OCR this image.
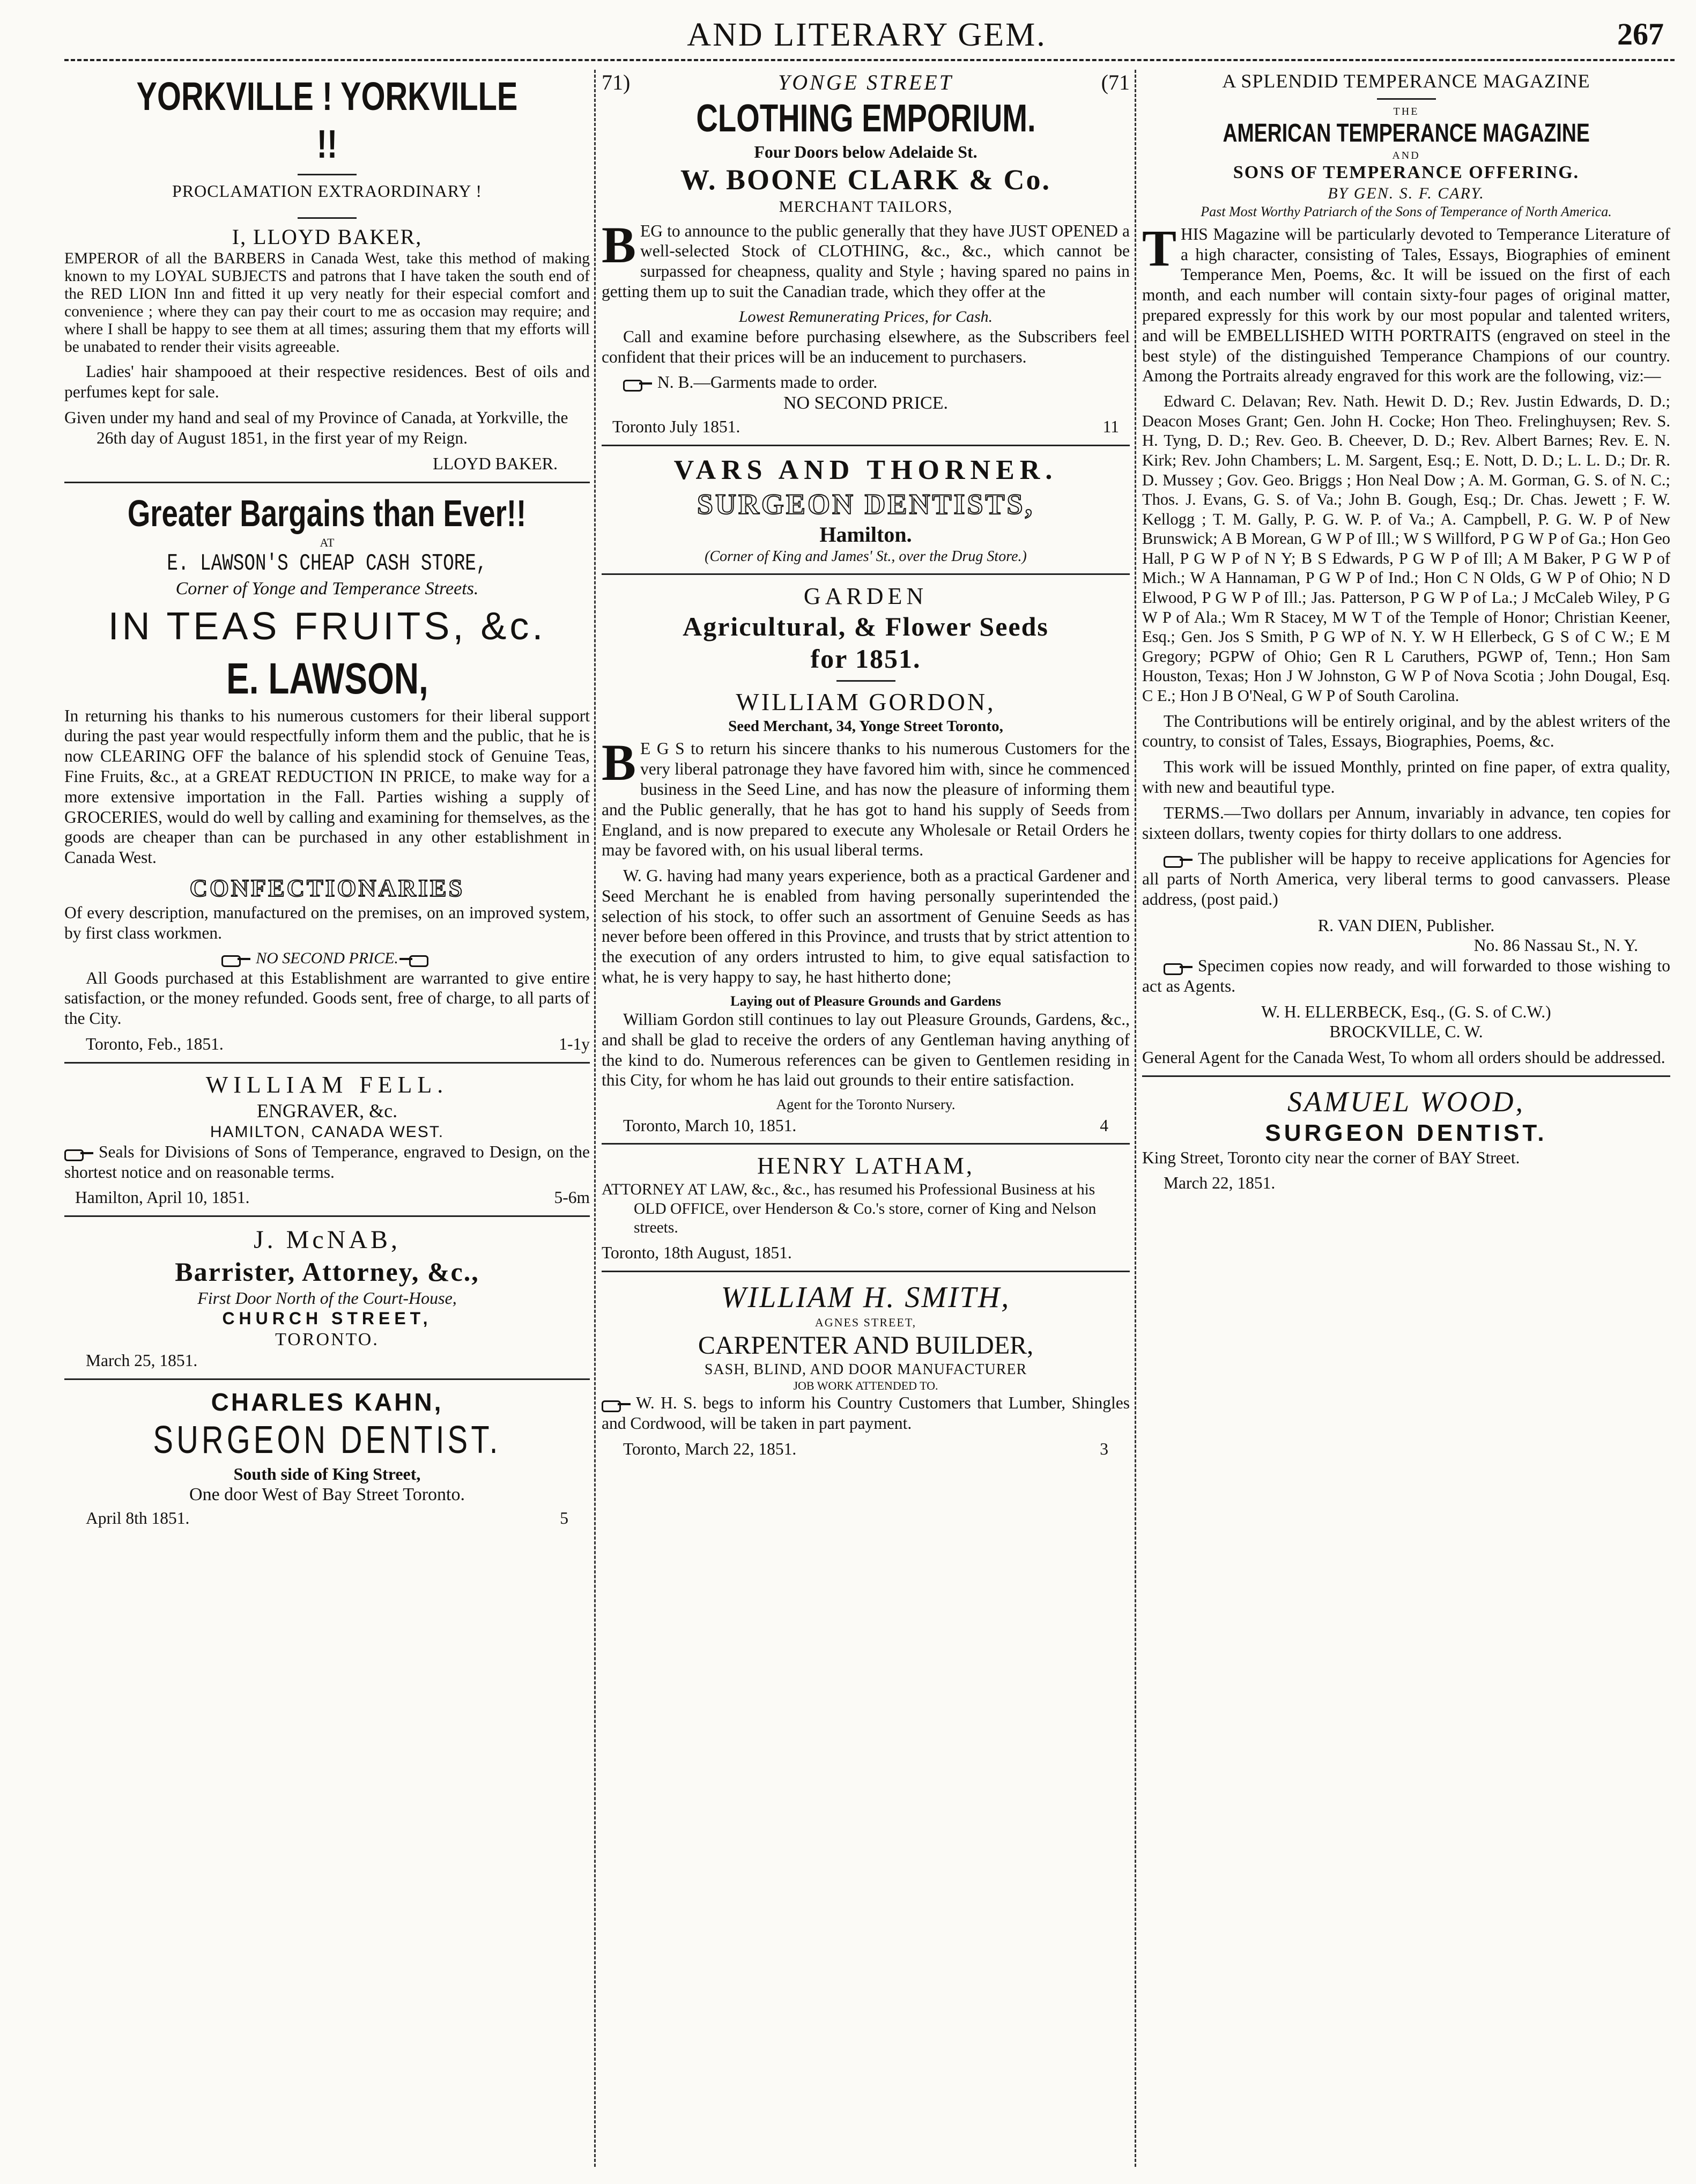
AND LITERARY GEM.	267
YORKVILLE ! YORKVILLE !!
PROCLAMATION EXTRAORDINARY !
I, LLOYD BAKER,

EMPEROR of all the BARBERS in Canada West, take this method of making known to my LOYAL SUBJECTS and patrons that I have taken the south end of the RED LION Inn and fitted it up very neatly for their especial comfort and convenience ; where they can pay their court to me as occasion may require; and where I shall be happy to see them at all times; assuring them that my efforts will be unabated to render their visits agreeable.

Ladies' hair shampooed at their respective residences. Best of oils and perfumes kept for sale.

Given under my hand and seal of my Province of Canada, at Yorkville, the 26th day of August 1851, in the first year of my Reign.

LLOYD BAKER.
Greater Bargains than Ever!!
AT
E. LAWSON'S CHEAP CASH STORE,
Corner of Yonge and Temperance Streets.
IN TEAS FRUITS, &c.
E. LAWSON,

In returning his thanks to his numerous customers for their liberal support during the past year would respectfully inform them and the public, that he is now CLEARING OFF the balance of his splendid stock of Genuine Teas, Fine Fruits, &c., at a GREAT REDUCTION IN PRICE, to make way for a more extensive importation in the Fall. Parties wishing a supply of GROCERIES, would do well by calling and examining for themselves, as the goods are cheaper than can be purchased in any other establishment in Canada West.

CONFECTIONARIES

Of every description, manufactured on the premises, on an improved system, by first class workmen.

NO SECOND PRICE.

All Goods purchased at this Establishment are warranted to give entire satisfaction, or the money refunded. Goods sent, free of charge, to all parts of the City.

Toronto, Feb., 1851.	1-1y
WILLIAM FELL.
ENGRAVER, &c.
HAMILTON, CANADA WEST.

Seals for Divisions of Sons of Temperance, engraved to Design, on the shortest notice and on reasonable terms.

Hamilton, April 10, 1851.	5-6m
J. McNAB,
Barrister, Attorney, &c.,
First Door North of the Court-House,
CHURCH STREET,
TORONTO.
March 25, 1851.
CHARLES KAHN,
SURGEON DENTIST.
South side of King Street,
One door West of Bay Street Toronto.
April 8th 1851.	5
71)	YONGE STREET	(71
CLOTHING EMPORIUM.
Four Doors below Adelaide St.
W. BOONE CLARK & Co.
MERCHANT TAILORS,

BEG to announce to the public generally that they have JUST OPENED a well-selected Stock of CLOTHING, &c., &c., which cannot be surpassed for cheapness, quality and Style ; having spared no pains in getting them up to suit the Canadian trade, which they offer at the

Lowest Remunerating Prices, for Cash.

Call and examine before purchasing elsewhere, as the Subscribers feel confident that their prices will be an inducement to purchasers.

N. B.—Garments made to order.
NO SECOND PRICE.
Toronto July 1851.	11
VARS AND THORNER.
SURGEON DENTISTS,
Hamilton.
(Corner of King and James' St., over the Drug Store.)
GARDEN
Agricultural, & Flower Seeds
for 1851.
WILLIAM GORDON,
Seed Merchant, 34, Yonge Street Toronto,

B E G S to return his sincere thanks to his numerous Customers for the very liberal patronage they have favored him with, since he commenced business in the Seed Line, and has now the pleasure of informing them and the Public generally, that he has got to hand his supply of Seeds from England, and is now prepared to execute any Wholesale or Retail Orders he may be favored with, on his usual liberal terms.

W. G. having had many years experience, both as a practical Gardener and Seed Merchant he is enabled from having personally superintended the selection of his stock, to offer such an assortment of Genuine Seeds as has never before been offered in this Province, and trusts that by strict attention to the execution of any orders intrusted to him, to give equal satisfaction to what, he is very happy to say, he hast hitherto done;

Laying out of Pleasure Grounds and Gardens

William Gordon still continues to lay out Pleasure Grounds, Gardens, &c., and shall be glad to receive the orders of any Gentleman having anything of the kind to do. Numerous references can be given to Gentlemen residing in this City, for whom he has laid out grounds to their entire satisfaction.

Agent for the Toronto Nursery.
Toronto, March 10, 1851.	4
HENRY LATHAM,

ATTORNEY AT LAW, &c., &c., has resumed his Professional Business at his OLD OFFICE, over Henderson & Co.'s store, corner of King and Nelson streets.

Toronto, 18th August, 1851.
WILLIAM H. SMITH,
AGNES STREET,
CARPENTER AND BUILDER,
SASH, BLIND, AND DOOR MANUFACTURER
JOB WORK ATTENDED TO.

W. H. S. begs to inform his Country Customers that Lumber, Shingles and Cordwood, will be taken in part payment.

Toronto, March 22, 1851.	3
A SPLENDID TEMPERANCE MAGAZINE
THE
AMERICAN TEMPERANCE MAGAZINE
AND
SONS OF TEMPERANCE OFFERING.
BY GEN. S. F. CARY.
Past Most Worthy Patriarch of the Sons of Temperance of North America.

THIS Magazine will be particularly devoted to Temperance Literature of a high character, consisting of Tales, Essays, Biographies of eminent Temperance Men, Poems, &c. It will be issued on the first of each month, and each number will contain sixty-four pages of original matter, prepared expressly for this work by our most popular and talented writers, and will be EMBELLISHED WITH PORTRAITS (engraved on steel in the best style) of the distinguished Temperance Champions of our country. Among the Portraits already engraved for this work are the following, viz:—

Edward C. Delavan; Rev. Nath. Hewit D. D.; Rev. Justin Edwards, D. D.; Deacon Moses Grant; Gen. John H. Cocke; Hon Theo. Frelinghuysen; Rev. S. H. Tyng, D. D.; Rev. Geo. B. Cheever, D. D.; Rev. Albert Barnes; Rev. E. N. Kirk; Rev. John Chambers; L. M. Sargent, Esq.; E. Nott, D. D.; L. L. D.; Dr. R. D. Mussey ; Gov. Geo. Briggs ; Hon Neal Dow ; A. M. Gorman, G. S. of N. C.; Thos. J. Evans, G. S. of Va.; John B. Gough, Esq.; Dr. Chas. Jewett ; F. W. Kellogg ; T. M. Gally, P. G. W. P. of Va.; A. Campbell, P. G. W. P of New Brunswick; A B Morean, G W P of Ill.; W S Willford, P G W P of Ga.; Hon Geo Hall, P G W P of N Y; B S Edwards, P G W P of Ill; A M Baker, P G W P of Mich.; W A Hannaman, P G W P of Ind.; Hon C N Olds, G W P of Ohio; N D Elwood, P G W P of Ill.; Jas. Patterson, P G W P of La.; J McCaleb Wiley, P G W P of Ala.; Wm R Stacey, M W T of the Temple of Honor; Christian Keener, Esq.; Gen. Jos S Smith, P G WP of N. Y. W H Ellerbeck, G S of C W.; E M Gregory; PGPW of Ohio; Gen R L Caruthers, PGWP of, Tenn.; Hon Sam Houston, Texas; Hon J W Johnston, G W P of Nova Scotia ; John Dougal, Esq. C E.; Hon J B O'Neal, G W P of South Carolina.

The Contributions will be entirely original, and by the ablest writers of the country, to consist of Tales, Essays, Biographies, Poems, &c.

This work will be issued Monthly, printed on fine paper, of extra quality, with new and beautiful type.

TERMS.—Two dollars per Annum, invariably in advance, ten copies for sixteen dollars, twenty copies for thirty dollars to one address.

The publisher will be happy to receive applications for Agencies for all parts of North America, very liberal terms to good canvassers. Please address, (post paid.)

R. VAN DIEN, Publisher.
No. 86 Nassau St., N. Y.

Specimen copies now ready, and will forwarded to those wishing to act as Agents.

W. H. ELLERBECK, Esq., (G. S. of C.W.)
BROCKVILLE, C. W.

General Agent for the Canada West, To whom all orders should be addressed.

SAMUEL WOOD,
SURGEON DENTIST.

King Street, Toronto city near the corner of BAY Street.

March 22, 1851.
